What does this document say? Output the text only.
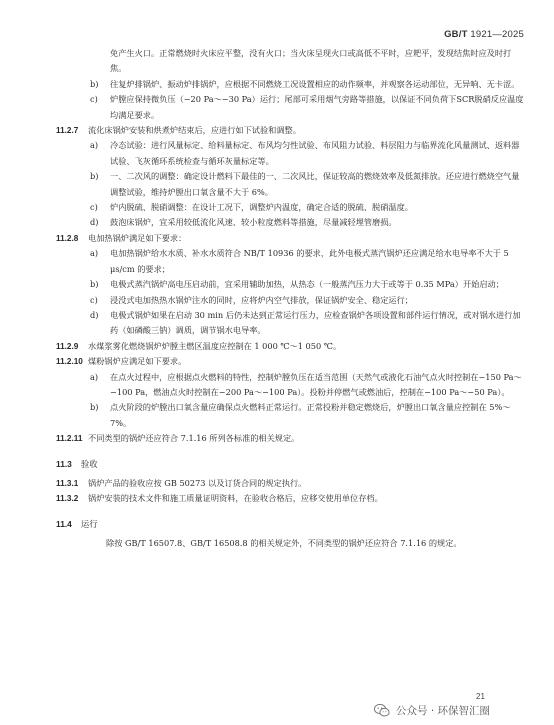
GB/T 1921—2025

免产生火口。正常燃烧时火床应平整，没有火口；当火床呈现火口或高低不平时，应耙平，发现结焦时应及时打焦。

b) 往复炉排锅炉、振动炉排锅炉，应根据不同燃烧工况设置相应的动作频率，并观察各运动部位，无异响、无卡涩。

c) 炉膛应保持微负压（−20 Pa～−30 Pa）运行；尾部可采用烟气旁路等措施，以保证不同负荷下SCR脱硝反应温度均满足要求。

11.2.7 流化床锅炉安装和烘煮炉结束后，应进行如下试验和调整。

a) 冷态试验：进行风量标定、给料量标定、布风均匀性试验、布风阻力试验、料层阻力与临界流化风量测试、返料器试验、飞灰循环系统检查与循环灰量标定等。

b) 一、二次风的调整：确定设计燃料下最佳的一、二次风比，保证较高的燃烧效率及低氮排放。还应进行燃烧空气量调整试验，维持炉膛出口氧含量不大于 6%。

c) 炉内脱硫、脱硝调整：在设计工况下，调整炉内温度，确定合适的脱硫、脱硝温度。

d) 鼓泡床锅炉，宜采用较低流化风速、较小粒度燃料等措施，尽量减轻埋管磨损。

11.2.8 电加热锅炉满足如下要求：

a) 电加热锅炉给水水质、补水水质符合 NB/T 10936 的要求，此外电极式蒸汽锅炉还应满足给水电导率不大于 5 μs/cm 的要求；

b) 电极式蒸汽锅炉高电压启动前，宜采用辅助加热，从热态（一般蒸汽压力大于或等于 0.35 MPa）开始启动；

c) 浸没式电加热热水锅炉注水的同时，应将炉内空气排放，保证锅炉安全、稳定运行；

d) 电极式锅炉如果在启动 30 min 后仍未达到正常运行压力，应检查锅炉各项设置和部件运行情况，或对锅水进行加药（如磷酸三钠）调质，调节锅水电导率。

11.2.9 水煤浆雾化燃烧锅炉炉膛主燃区温度应控制在 1 000 ℃～1 050 ℃。

11.2.10 煤粉锅炉应满足如下要求。

a) 在点火过程中，应根据点火燃料的特性，控制炉膛负压在适当范围（天然气或液化石油气点火时控制在−150 Pa～−100 Pa，燃油点火时控制在−200 Pa～−100 Pa）。投粉并停燃气或燃油后，控制在−100 Pa～−50 Pa）。

b) 点火阶段的炉膛出口氧含量应确保点火燃料正常运行。正常投粉并稳定燃烧后，炉膛出口氧含量应控制在 5%～7%。

11.2.11 不同类型的锅炉还应符合 7.1.16 所列各标准的相关规定。

11.3 验收

11.3.1 锅炉产品的验收应按 GB 50273 以及订货合同的规定执行。

11.3.2 锅炉安装的技术文件和施工质量证明资料，在验收合格后，应移交使用单位存档。

11.4 运行

除按 GB/T 16507.8、GB/T 16508.8 的相关规定外，不同类型的锅炉还应符合 7.1.16 的规定。

21
公众号 · 环保智汇圈
